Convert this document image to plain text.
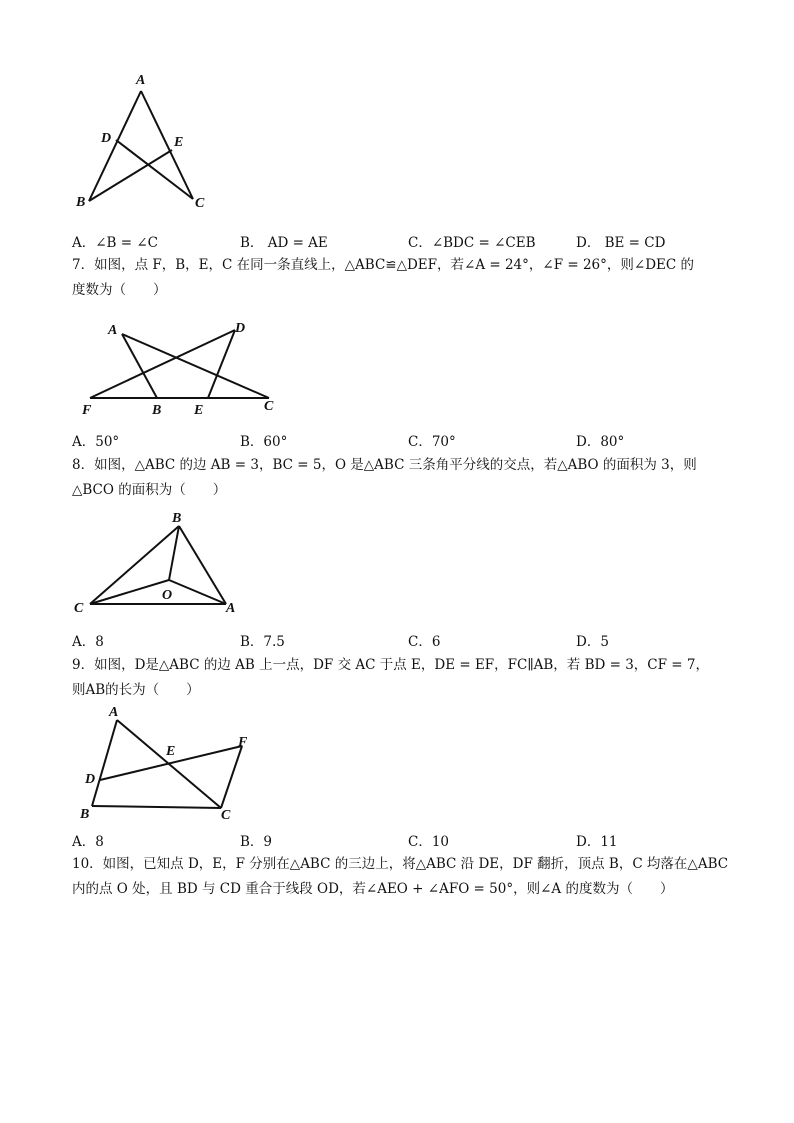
A
D	E
B	C
A．∠B = ∠C	B． AD = AE	C．∠BDC = ∠CEB	D． BE = CD
7．如图，点 F，B，E，C 在同一条直线上，△ABC≌△DEF，若∠A = 24°，∠F = 26°，则∠DEC 的
度数为（　　）
A	D
F	B E	C
A．50°	B．60°	C．70°	D．80°
8．如图，△ABC 的边 AB = 3，BC = 5，O 是△ABC 三条角平分线的交点，若△ABO 的面积为 3，则
△BCO 的面积为（　　）
B
C
O
A
A．8	B．7.5	C．6	D．5
9．如图，D是△ABC 的边 AB 上一点，DF 交 AC 于点 E，DE = EF，FC∥AB，若 BD = 3，CF = 7，
则AB的长为（　　）
A
E
F
D
B	C
A．8	B．9	C．10	D．11
10．如图，已知点 D，E，F 分别在△ABC 的三边上，将△ABC 沿 DE，DF 翻折，顶点 B，C 均落在△ABC
内的点 O 处，且 BD 与 CD 重合于线段 OD，若∠AEO + ∠AFO = 50°，则∠A 的度数为（　　）
